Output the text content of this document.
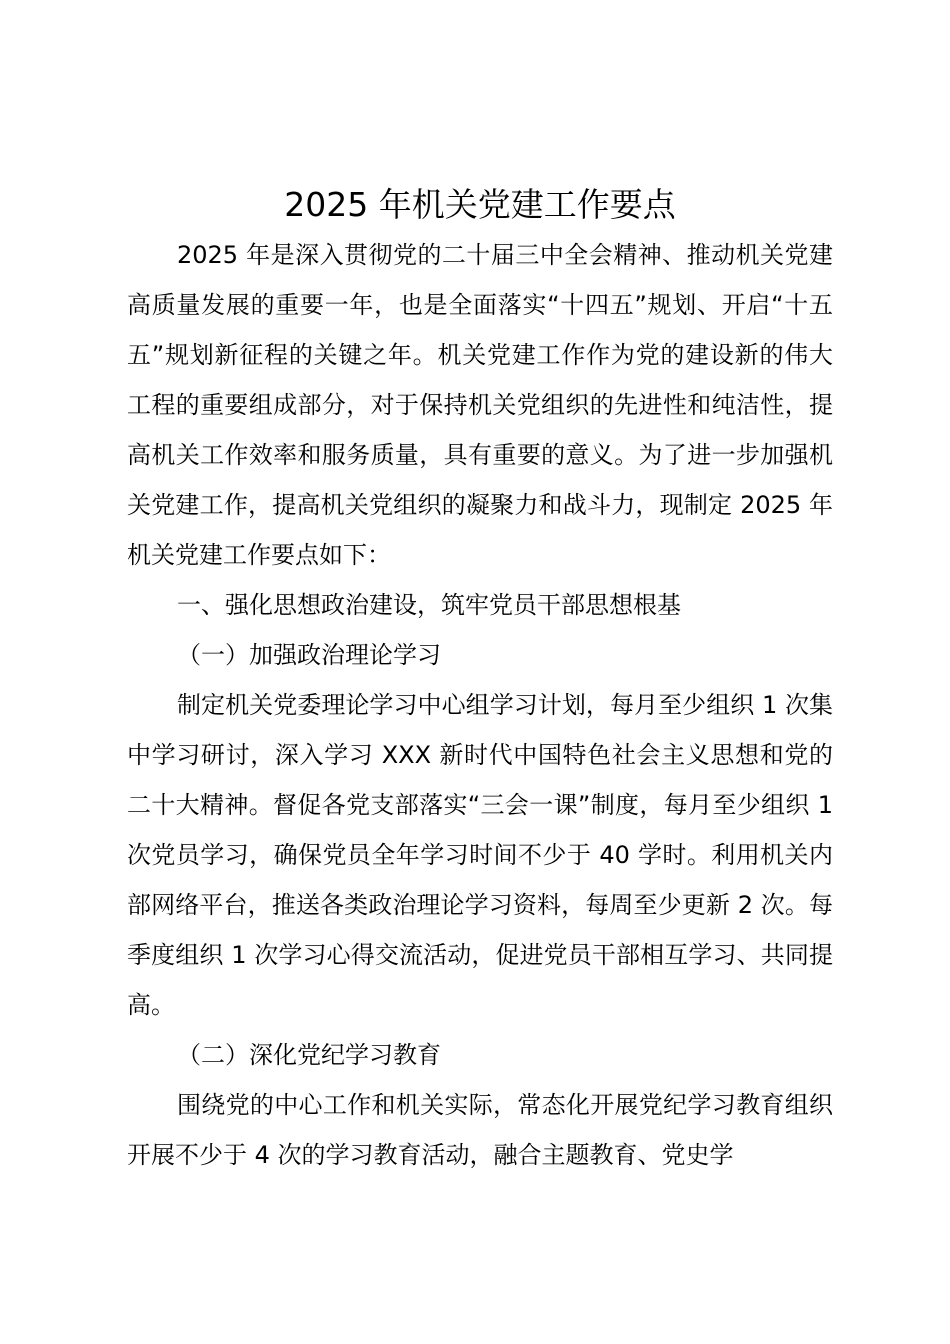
2025 年机关党建工作要点

2025 年是深入贯彻党的二十届三中全会精神、推动机关党建高质量发展的重要一年，也是全面落实“十四五”规划、开启“十五五”规划新征程的关键之年。机关党建工作作为党的建设新的伟大工程的重要组成部分，对于保持机关党组织的先进性和纯洁性，提高机关工作效率和服务质量，具有重要的意义。为了进一步加强机关党建工作，提高机关党组织的凝聚力和战斗力，现制定 2025 年机关党建工作要点如下：

一、强化思想政治建设，筑牢党员干部思想根基

（一）加强政治理论学习

制定机关党委理论学习中心组学习计划，每月至少组织 1 次集中学习研讨，深入学习 XXX 新时代中国特色社会主义思想和党的二十大精神。督促各党支部落实“三会一课”制度，每月至少组织 1 次党员学习，确保党员全年学习时间不少于 40 学时。利用机关内部网络平台，推送各类政治理论学习资料，每周至少更新 2 次。每季度组织 1 次学习心得交流活动，促进党员干部相互学习、共同提高。

（二）深化党纪学习教育

围绕党的中心工作和机关实际，常态化开展党纪学习教育组织开展不少于 4 次的学习教育活动，融合主题教育、党史学
